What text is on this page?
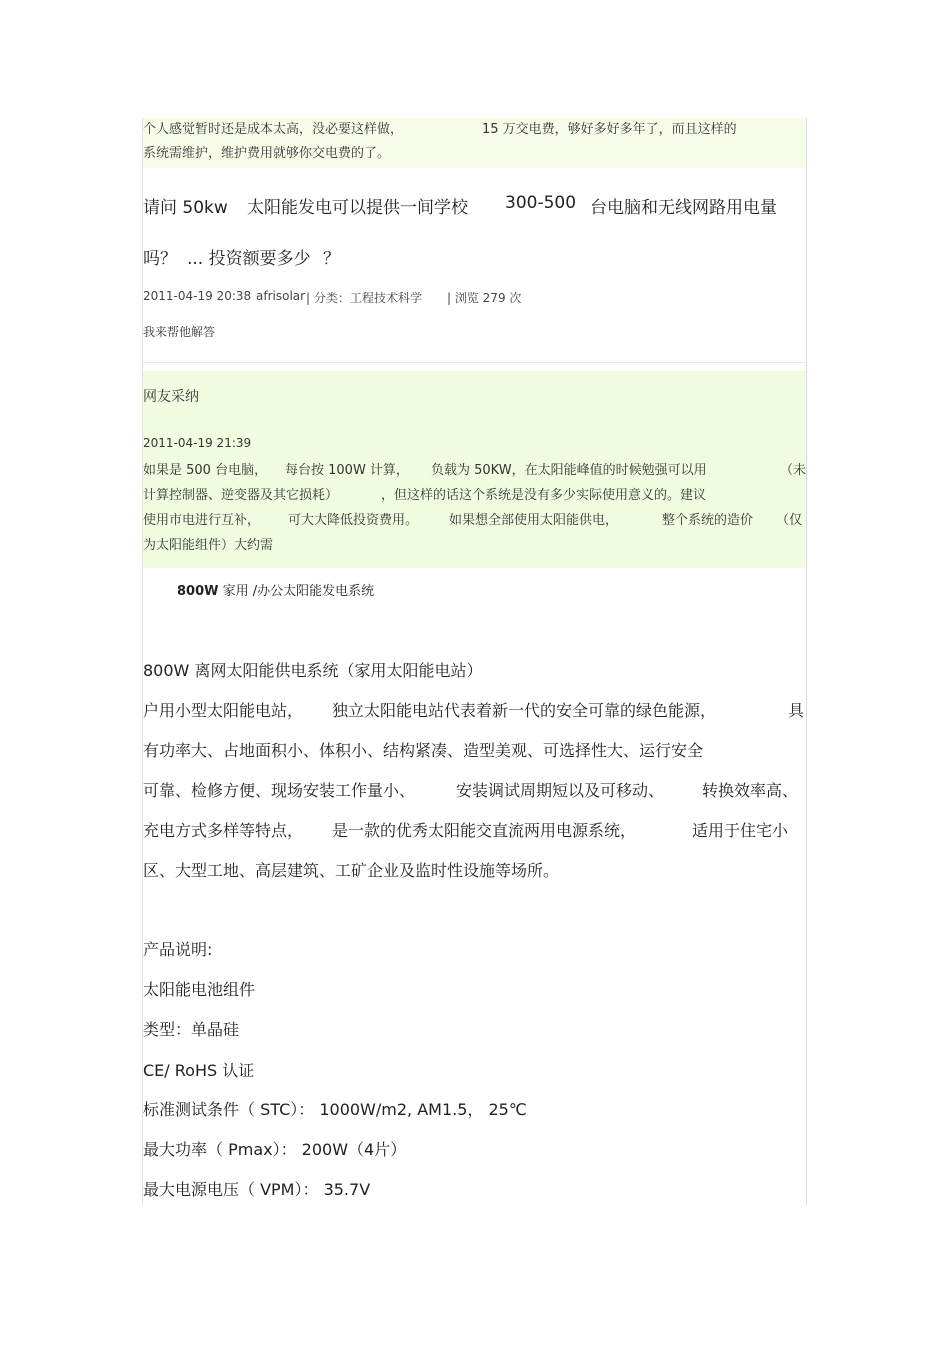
个人感觉暂时还是成本太高，没必要这样做，	15 万交电费，够好多好多年了，而且这样的
系统需维护，维护费用就够你交电费的了。
请问 50kw 太阳能发电可以提供一间学校 300-500 台电脑和无线网路用电量
吗？ ... 投资额要多少 ？
2011-04-19 20:38 afrisolar | 分类： 工程技术科学 | 浏览 279 次
我来帮他解答
网友采纳
2011-04-19 21:39
如果是 500 台电脑， 每台按 100W 计算， 负载为 50KW，在太阳能峰值的时候勉强可以用	（未
计算控制器、逆变器及其它损耗）	，但这样的话这个系统是没有多少实际使用意义的。建议
使用市电进行互补， 可大大降低投资费用。 如果想全部使用太阳能供电，	整个系统的造价 （仅
为太阳能组件）大约需
800W 家用 /办公太阳能发电系统
800W 离网太阳能供电系统（家用太阳能电站）
户用小型太阳能电站， 独立太阳能电站代表着新一代的安全可靠的绿色能源，	具
有功率大、占地面积小、体积小、结构紧凑、造型美观、可选择性大、运行安全
可靠、检修方便、现场安装工作量小、	安装调试周期短以及可移动、 转换效率高、
充电方式多样等特点， 是一款的优秀太阳能交直流两用电源系统，	适用于住宅小
区、大型工地、高层建筑、工矿企业及监时性设施等场所。
产品说明:
太阳能电池组件
类型：单晶硅
CE/ RoHS 认证
标准测试条件（ STC）： 1000W/m2, AM1.5， 25℃
最大功率（ Pmax）： 200W（4片）
最大电源电压（ VPM）： 35.7V
